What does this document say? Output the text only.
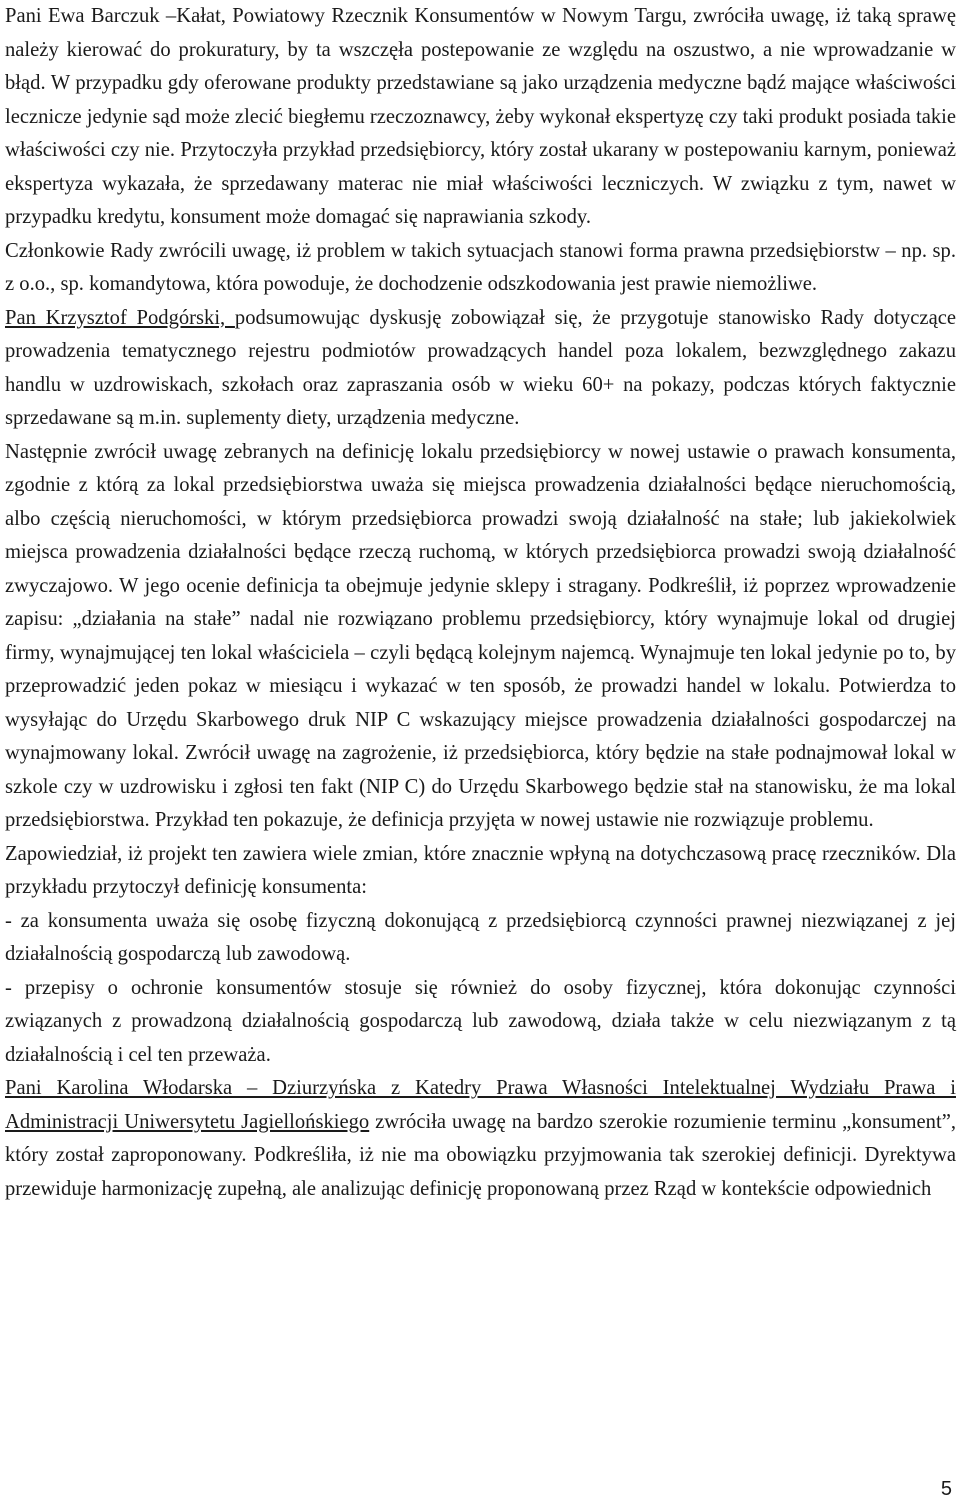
Pani Ewa Barczuk –Kałat, Powiatowy Rzecznik Konsumentów w Nowym Targu, zwróciła uwagę, iż taką sprawę należy kierować do prokuratury, by ta wszczęła postepowanie ze względu na oszustwo, a nie wprowadzanie w błąd. W przypadku gdy oferowane produkty przedstawiane są jako urządzenia medyczne bądź mające właściwości lecznicze jedynie sąd może zlecić biegłemu rzeczoznawcy, żeby wykonał ekspertyzę czy taki produkt posiada takie właściwości czy nie. Przytoczyła przykład przedsiębiorcy, który został ukarany w postepowaniu karnym, ponieważ ekspertyza wykazała, że sprzedawany materac nie miał właściwości leczniczych. W związku z tym, nawet w przypadku kredytu, konsument może domagać się naprawiania szkody.

Członkowie Rady zwrócili uwagę, iż problem w takich sytuacjach stanowi forma prawna przedsiębiorstw – np. sp. z o.o., sp. komandytowa, która powoduje, że dochodzenie odszkodowania jest prawie niemożliwe.

Pan Krzysztof Podgórski, podsumowując dyskusję zobowiązał się, że przygotuje stanowisko Rady dotyczące prowadzenia tematycznego rejestru podmiotów prowadzących handel poza lokalem, bezwzględnego zakazu handlu w uzdrowiskach, szkołach oraz zapraszania osób w wieku 60+ na pokazy, podczas których faktycznie sprzedawane są m.in. suplementy diety, urządzenia medyczne.

Następnie zwrócił uwagę zebranych na definicję lokalu przedsiębiorcy w nowej ustawie o prawach konsumenta, zgodnie z którą za lokal przedsiębiorstwa uważa się miejsca prowadzenia działalności będące nieruchomością, albo częścią nieruchomości, w którym przedsiębiorca prowadzi swoją działalność na stałe; lub jakiekolwiek miejsca prowadzenia działalności będące rzeczą ruchomą, w których przedsiębiorca prowadzi swoją działalność zwyczajowo. W jego ocenie definicja ta obejmuje jedynie sklepy i stragany. Podkreślił, iż poprzez wprowadzenie zapisu: „działania na stałe” nadal nie rozwiązano problemu przedsiębiorcy, który wynajmuje lokal od drugiej firmy, wynajmującej ten lokal właściciela – czyli będącą kolejnym najemcą. Wynajmuje ten lokal jedynie po to, by przeprowadzić jeden pokaz w miesiącu i wykazać w ten sposób, że prowadzi handel w lokalu. Potwierdza to wysyłając do Urzędu Skarbowego druk NIP C wskazujący miejsce prowadzenia działalności gospodarczej na wynajmowany lokal. Zwrócił uwagę na zagrożenie, iż przedsiębiorca, który będzie na stałe podnajmował lokal w szkole czy w uzdrowisku i zgłosi ten fakt (NIP C) do Urzędu Skarbowego będzie stał na stanowisku, że ma lokal przedsiębiorstwa. Przykład ten pokazuje, że definicja przyjęta w nowej ustawie nie rozwiązuje problemu.

Zapowiedział, iż projekt ten zawiera wiele zmian, które znacznie wpłyną na dotychczasową pracę rzeczników. Dla przykładu przytoczył definicję konsumenta:

- za konsumenta uważa się osobę fizyczną dokonującą z przedsiębiorcą czynności prawnej niezwiązanej z jej działalnością gospodarczą lub zawodową.

- przepisy o ochronie konsumentów stosuje się również do osoby fizycznej, która dokonując czynności związanych z prowadzoną działalnością gospodarczą lub zawodową, działa także w celu niezwiązanym z tą działalnością i cel ten przeważa.

Pani Karolina Włodarska – Dziurzyńska z Katedry Prawa Własności Intelektualnej Wydziału Prawa i Administracji Uniwersytetu Jagiellońskiego zwróciła uwagę na bardzo szerokie rozumienie terminu „konsument”, który został zaproponowany. Podkreśliła, iż nie ma obowiązku przyjmowania tak szerokiej definicji. Dyrektywa przewiduje harmonizację zupełną, ale analizując definicję proponowaną przez Rząd w kontekście odpowiednich

5
